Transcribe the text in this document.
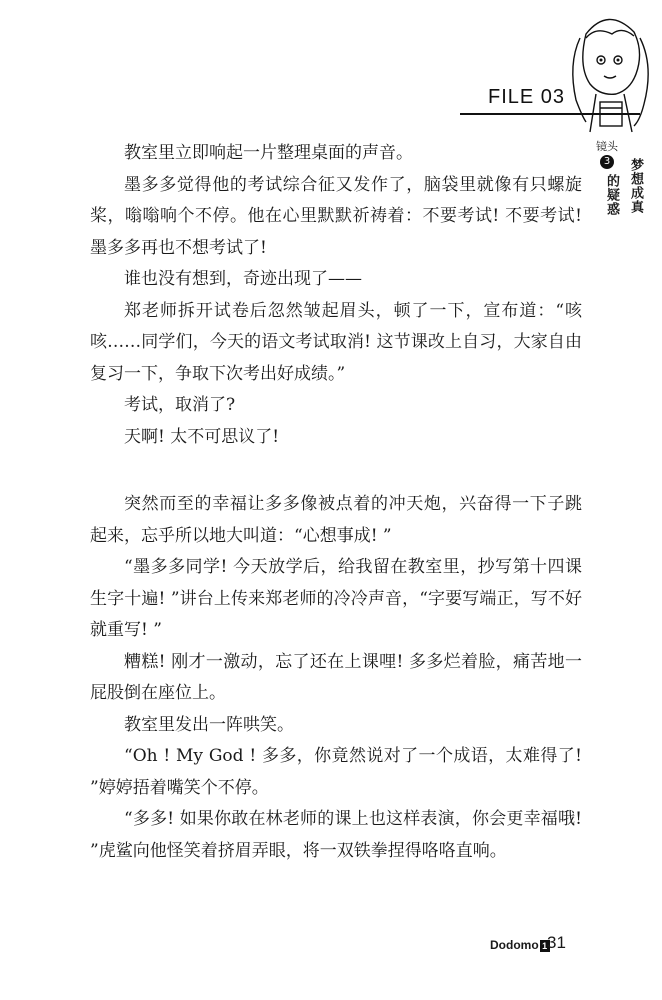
FILE 03
镜头
3 梦想成真
的疑惑

教室里立即响起一片整理桌面的声音。

墨多多觉得他的考试综合征又发作了，脑袋里就像有只螺旋桨，嗡嗡响个不停。他在心里默默祈祷着：不要考试! 不要考试! 墨多多再也不想考试了!

谁也没有想到，奇迹出现了——

郑老师拆开试卷后忽然皱起眉头，顿了一下，宣布道：“咳咳……同学们，今天的语文考试取消! 这节课改上自习，大家自由复习一下，争取下次考出好成绩。”

考试，取消了?

天啊! 太不可思议了!

突然而至的幸福让多多像被点着的冲天炮，兴奋得一下子跳起来，忘乎所以地大叫道：“心想事成! ”

“墨多多同学! 今天放学后，给我留在教室里，抄写第十四课生字十遍! ”讲台上传来郑老师的冷冷声音，“字要写端正，写不好就重写! ”

糟糕! 刚才一激动，忘了还在上课哩! 多多烂着脸，痛苦地一屁股倒在座位上。

教室里发出一阵哄笑。

“Oh ! My God ! 多多，你竟然说对了一个成语，太难得了! ”婷婷捂着嘴笑个不停。

“多多! 如果你敢在林老师的课上也这样表演，你会更幸福哦! ”虎鲨向他怪笑着挤眉弄眼，将一双铁拳捏得咯咯直响。

Dodomo 1 31
